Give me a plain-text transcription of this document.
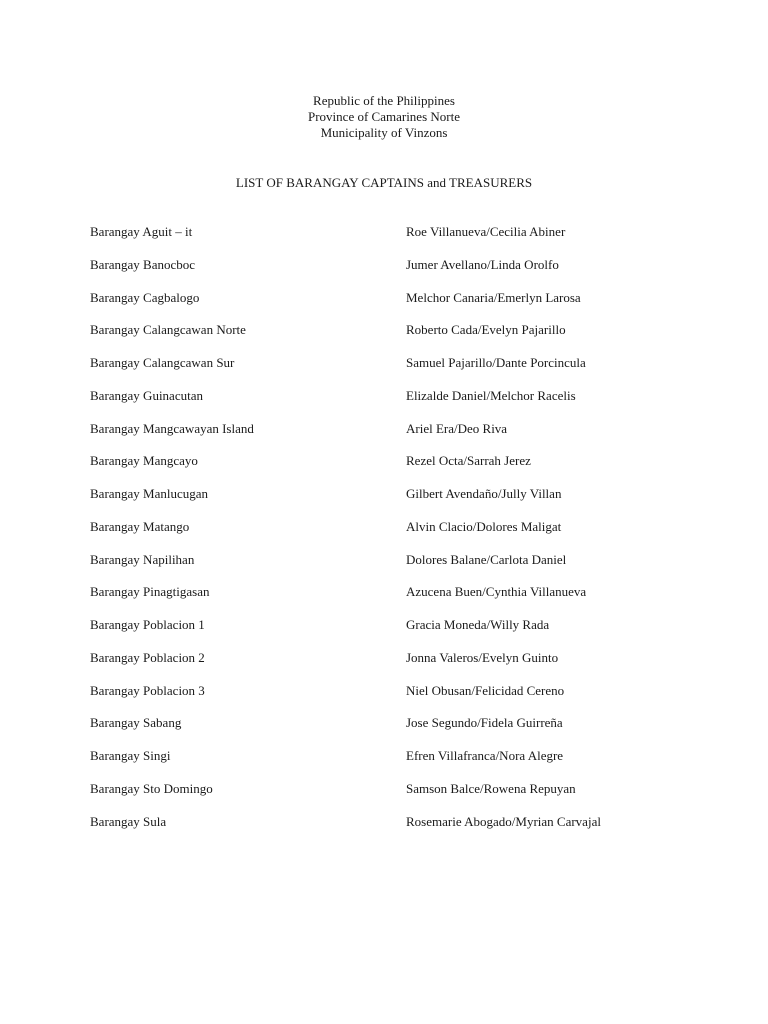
Republic of the Philippines
Province of Camarines Norte
Municipality of Vinzons
LIST OF BARANGAY CAPTAINS and TREASURERS
Barangay Aguit – it	Roe Villanueva/Cecilia Abiner
Barangay Banocboc	Jumer Avellano/Linda Orolfo
Barangay Cagbalogo	Melchor Canaria/Emerlyn Larosa
Barangay Calangcawan Norte	Roberto Cada/Evelyn Pajarillo
Barangay Calangcawan Sur	Samuel Pajarillo/Dante Porcincula
Barangay Guinacutan	Elizalde Daniel/Melchor Racelis
Barangay Mangcawayan Island	Ariel Era/Deo Riva
Barangay Mangcayo	Rezel Octa/Sarrah Jerez
Barangay Manlucugan	Gilbert Avendaño/Jully Villan
Barangay Matango	Alvin Clacio/Dolores Maligat
Barangay Napilihan	Dolores Balane/Carlota Daniel
Barangay Pinagtigasan	Azucena Buen/Cynthia Villanueva
Barangay Poblacion 1	Gracia Moneda/Willy Rada
Barangay Poblacion 2	Jonna Valeros/Evelyn Guinto
Barangay Poblacion 3	Niel Obusan/Felicidad Cereno
Barangay Sabang	Jose Segundo/Fidela Guirreña
Barangay Singi	Efren Villafranca/Nora Alegre
Barangay Sto Domingo	Samson Balce/Rowena Repuyan
Barangay Sula	Rosemarie Abogado/Myrian Carvajal
